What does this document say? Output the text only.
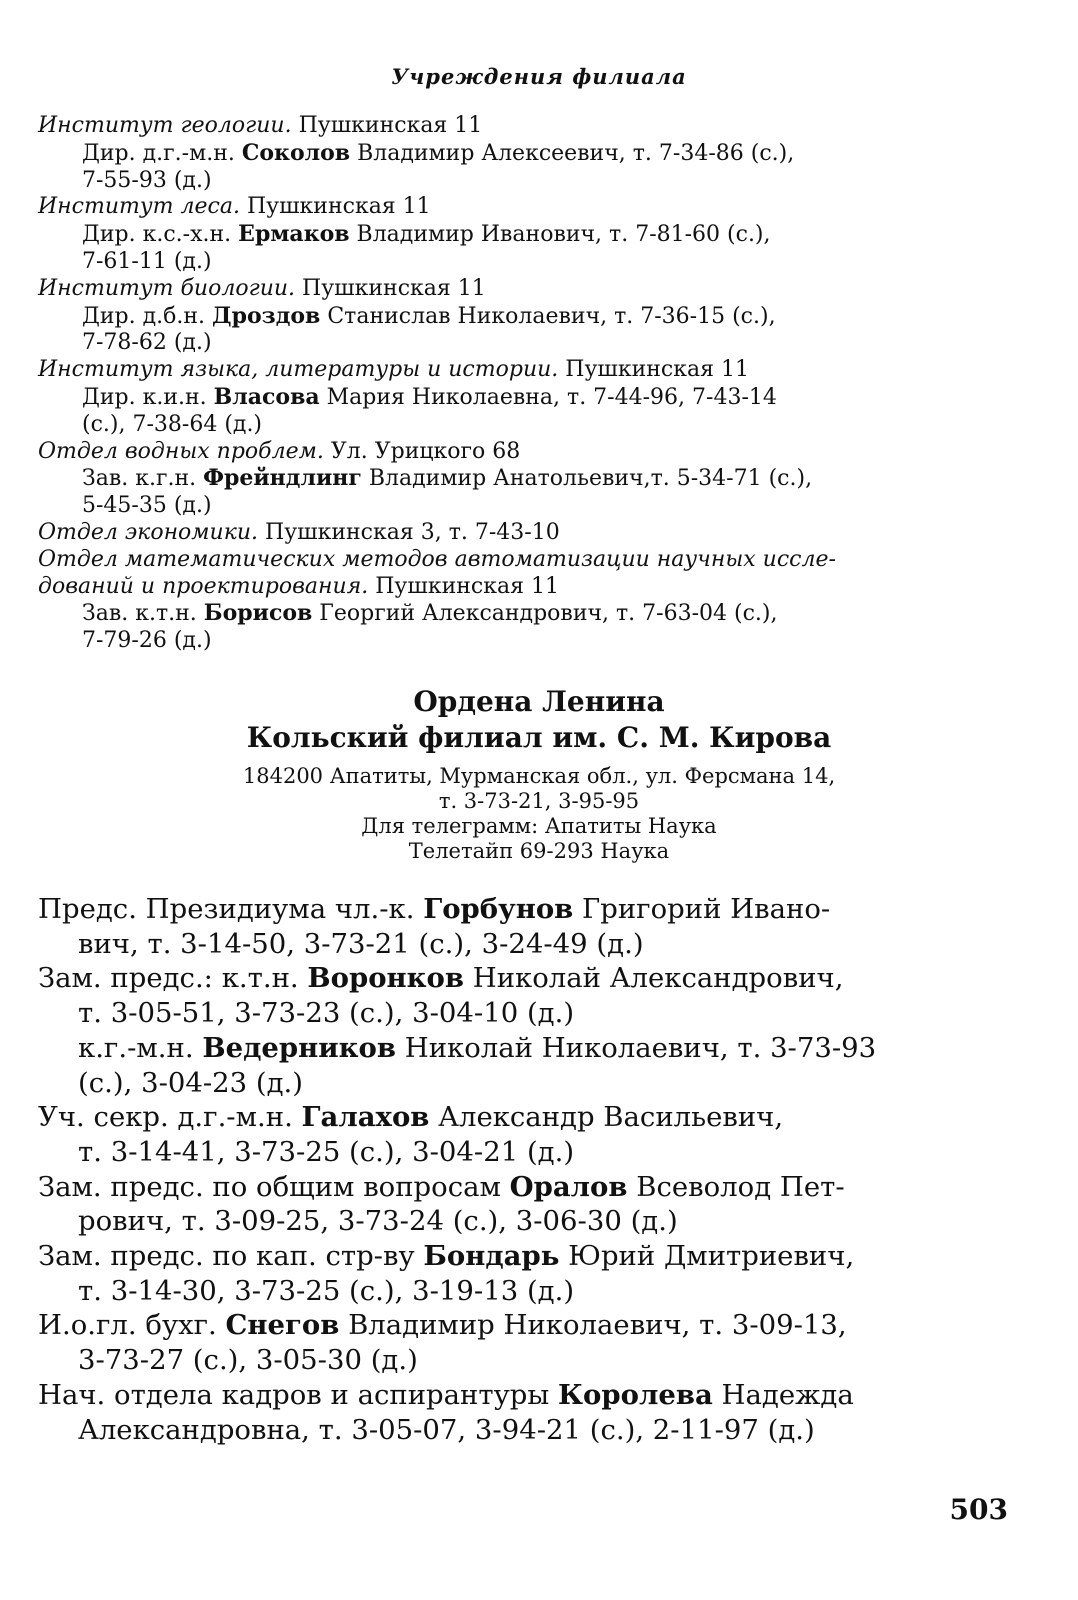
Учреждения филиала

Институт геологии. Пушкинская 11

Дир. д.г.-м.н. Соколов Владимир Алексеевич, т. 7-34-86 (с.),

7-55-93 (д.)

Институт леса. Пушкинская 11

Дир. к.с.-х.н. Ермаков Владимир Иванович, т. 7-81-60 (с.),

7-61-11 (д.)

Институт биологии. Пушкинская 11

Дир. д.б.н. Дроздов Станислав Николаевич, т. 7-36-15 (с.),

7-78-62 (д.)

Институт языка, литературы и истории. Пушкинская 11

Дир. к.и.н. Власова Мария Николаевна, т. 7-44-96, 7-43-14

(с.), 7-38-64 (д.)

Отдел водных проблем. Ул. Урицкого 68

Зав. к.г.н. Фрейндлинг Владимир Анатольевич,т. 5-34-71 (с.),

5-45-35 (д.)

Отдел экономики. Пушкинская 3, т. 7-43-10

Отдел математических методов автоматизации научных иссле-

дований и проектирования. Пушкинская 11

Зав. к.т.н. Борисов Георгий Александрович, т. 7-63-04 (с.),

7-79-26 (д.)

Ордена Ленина
Кольский филиал им. С. М. Кирова
184200 Апатиты, Мурманская обл., ул. Ферсмана 14,
т. 3-73-21, 3-95-95
Для телеграмм: Апатиты Наука
Телетайп 69-293 Наука

Предс. Президиума чл.-к. Горбунов Григорий Ивано-

вич, т. 3-14-50, 3-73-21 (с.), 3-24-49 (д.)

Зам. предс.: к.т.н. Воронков Николай Александрович,

т. 3-05-51, 3-73-23 (с.), 3-04-10 (д.)

к.г.-м.н. Ведерников Николай Николаевич, т. 3-73-93

(с.), 3-04-23 (д.)

Уч. секр. д.г.-м.н. Галахов Александр Васильевич,

т. 3-14-41, 3-73-25 (с.), 3-04-21 (д.)

Зам. предс. по общим вопросам Оралов Всеволод Пет-

рович, т. 3-09-25, 3-73-24 (с.), 3-06-30 (д.)

Зам. предс. по кап. стр-ву Бондарь Юрий Дмитриевич,

т. 3-14-30, 3-73-25 (с.), 3-19-13 (д.)

И.о.гл. бухг. Снегов Владимир Николаевич, т. 3-09-13,

3-73-27 (с.), 3-05-30 (д.)

Нач. отдела кадров и аспирантуры Королева Надежда

Александровна, т. 3-05-07, 3-94-21 (с.), 2-11-97 (д.)

503
